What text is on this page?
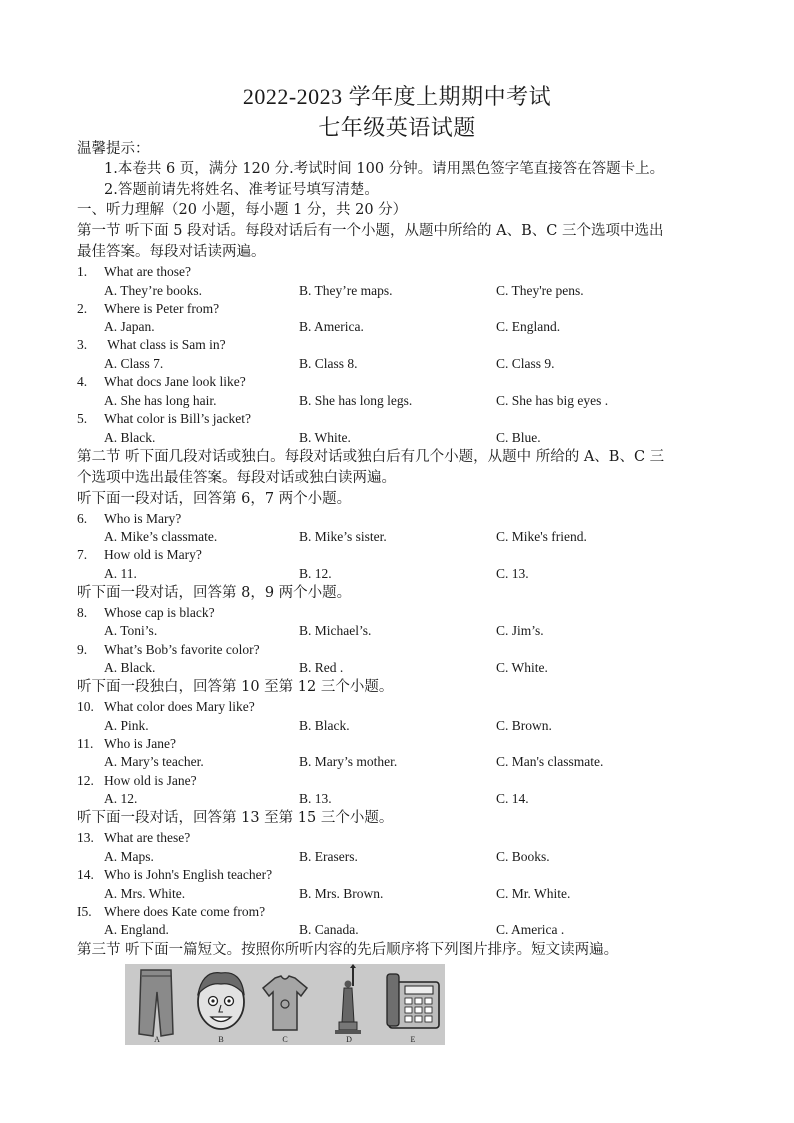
2022-2023 学年度上期期中考试
七年级英语试题
温馨提示：
1.本卷共 6 页，满分 120 分.考试时间 100 分钟。请用黑色签字笔直接答在答题卡上。
2.答题前请先将姓名、准考证号填写清楚。
一、听力理解（20 小题，每小题 1 分，共 20 分）
第一节 听下面 5 段对话。每段对话后有一个小题，从题中所给的 A、B、C 三个选项中选出
最佳答案。每段对话读两遍。
1. What are those?
A. They’re books.	B. They’re maps.	C. They're pens.
2. Where is Peter from?
A. Japan.	B. America.	C. England.
3. What class is Sam in?
A. Class 7.	B. Class 8.	C. Class 9.
4. What docs Jane look like?
A. She has long hair.	B. She has long legs.	C. She has big eyes .
5. What color is Bill’s jacket?
A. Black.	B. White.	C. Blue.
第二节 听下面几段对话或独白。每段对话或独白后有几个小题，从题中 所给的 A、B、C 三
个选项中选出最佳答案。每段对话或独白读两遍。
听下面一段对话，回答第 6，7 两个小题。
6. Who is Mary?
A. Mike’s classmate.	B. Mike’s sister.	C. Mike's friend.
7. How old is Mary?
A. 11.	B. 12.	C. 13.
听下面一段对话，回答第 8，9 两个小题。
8. Whose cap is black?
A. Toni’s.	B. Michael’s.	C. Jim’s.
9. What’s Bob’s favorite color?
A. Black.	B. Red .	C. White.
听下面一段独白，回答第 10 至第 12 三个小题。
10. What color does Mary like?
A. Pink.	B. Black.	C. Brown.
11. Who is Jane?
A. Mary’s teacher.	B. Mary’s mother.	C. Man's classmate.
12. How old is Jane?
A. 12.	B. 13.	C. 14.
听下面一段对话，回答第 13 至第 15 三个小题。
13. What are these?
A. Maps.	B. Erasers.	C. Books.
14. Who is John's English teacher?
A. Mrs. White.	B. Mrs. Brown.	C. Mr. White.
I5. Where does Kate come from?
A. England.	B. Canada.	C. America .
第三节 听下面一篇短文。按照你所听内容的先后顺序将下列图片排序。短文读两遍。
A	B	C	D	E
